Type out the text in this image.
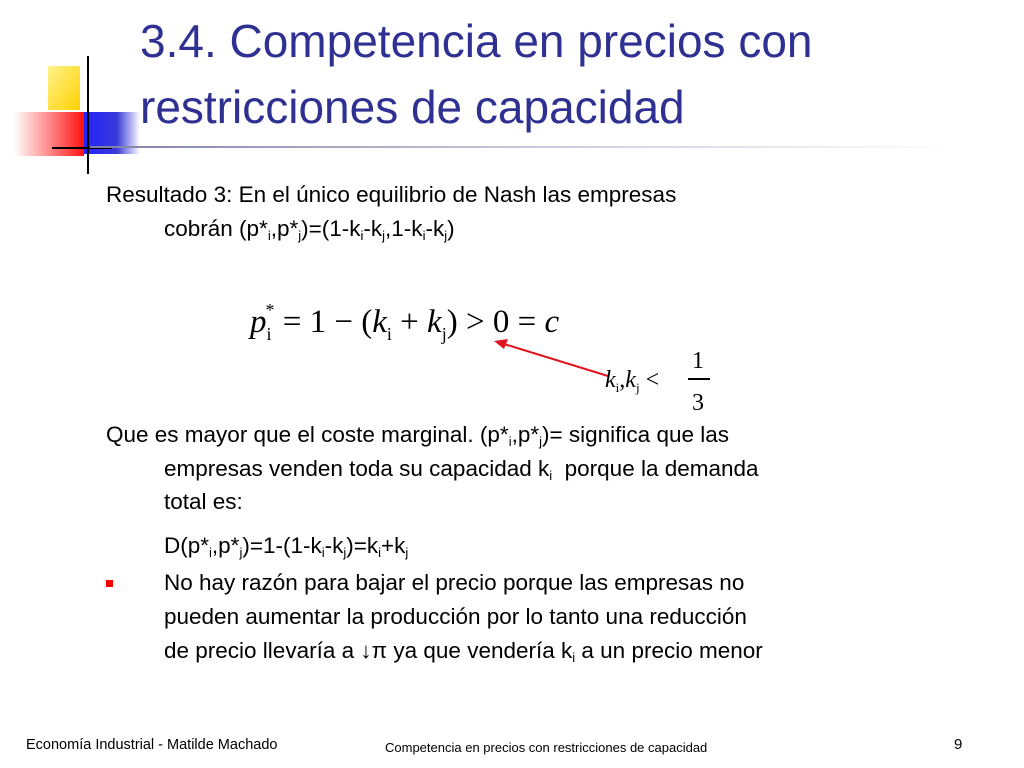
3.4. Competencia en precios con
restricciones de capacidad
Resultado 3: En el único equilibrio de Nash las empresas
cobrán $(p*_i,p*_j)=(1-k_i-k_j,1-k_i-k_j)$
$p_i^* = 1 - (k_i + k_j) > 0 = c$
$k_i,k_j$ <
1
3
Que es mayor que el coste marginal. $(p*_i,p*_j)=$ significa que las
empresas venden toda su capacidad $k_i$  porque la demanda
total es:
$D(p*_i,p*_j)=1-(1-k_i-k_j)=k_i+k_j$
No hay razón para bajar el precio porque las empresas no
pueden aumentar la producción por lo tanto una reducción
de precio llevaría a ↓π ya que vendería $k_i$ a un precio menor
Economía Industrial - Matilde Machado	Competencia en precios con restricciones de capacidad	9
